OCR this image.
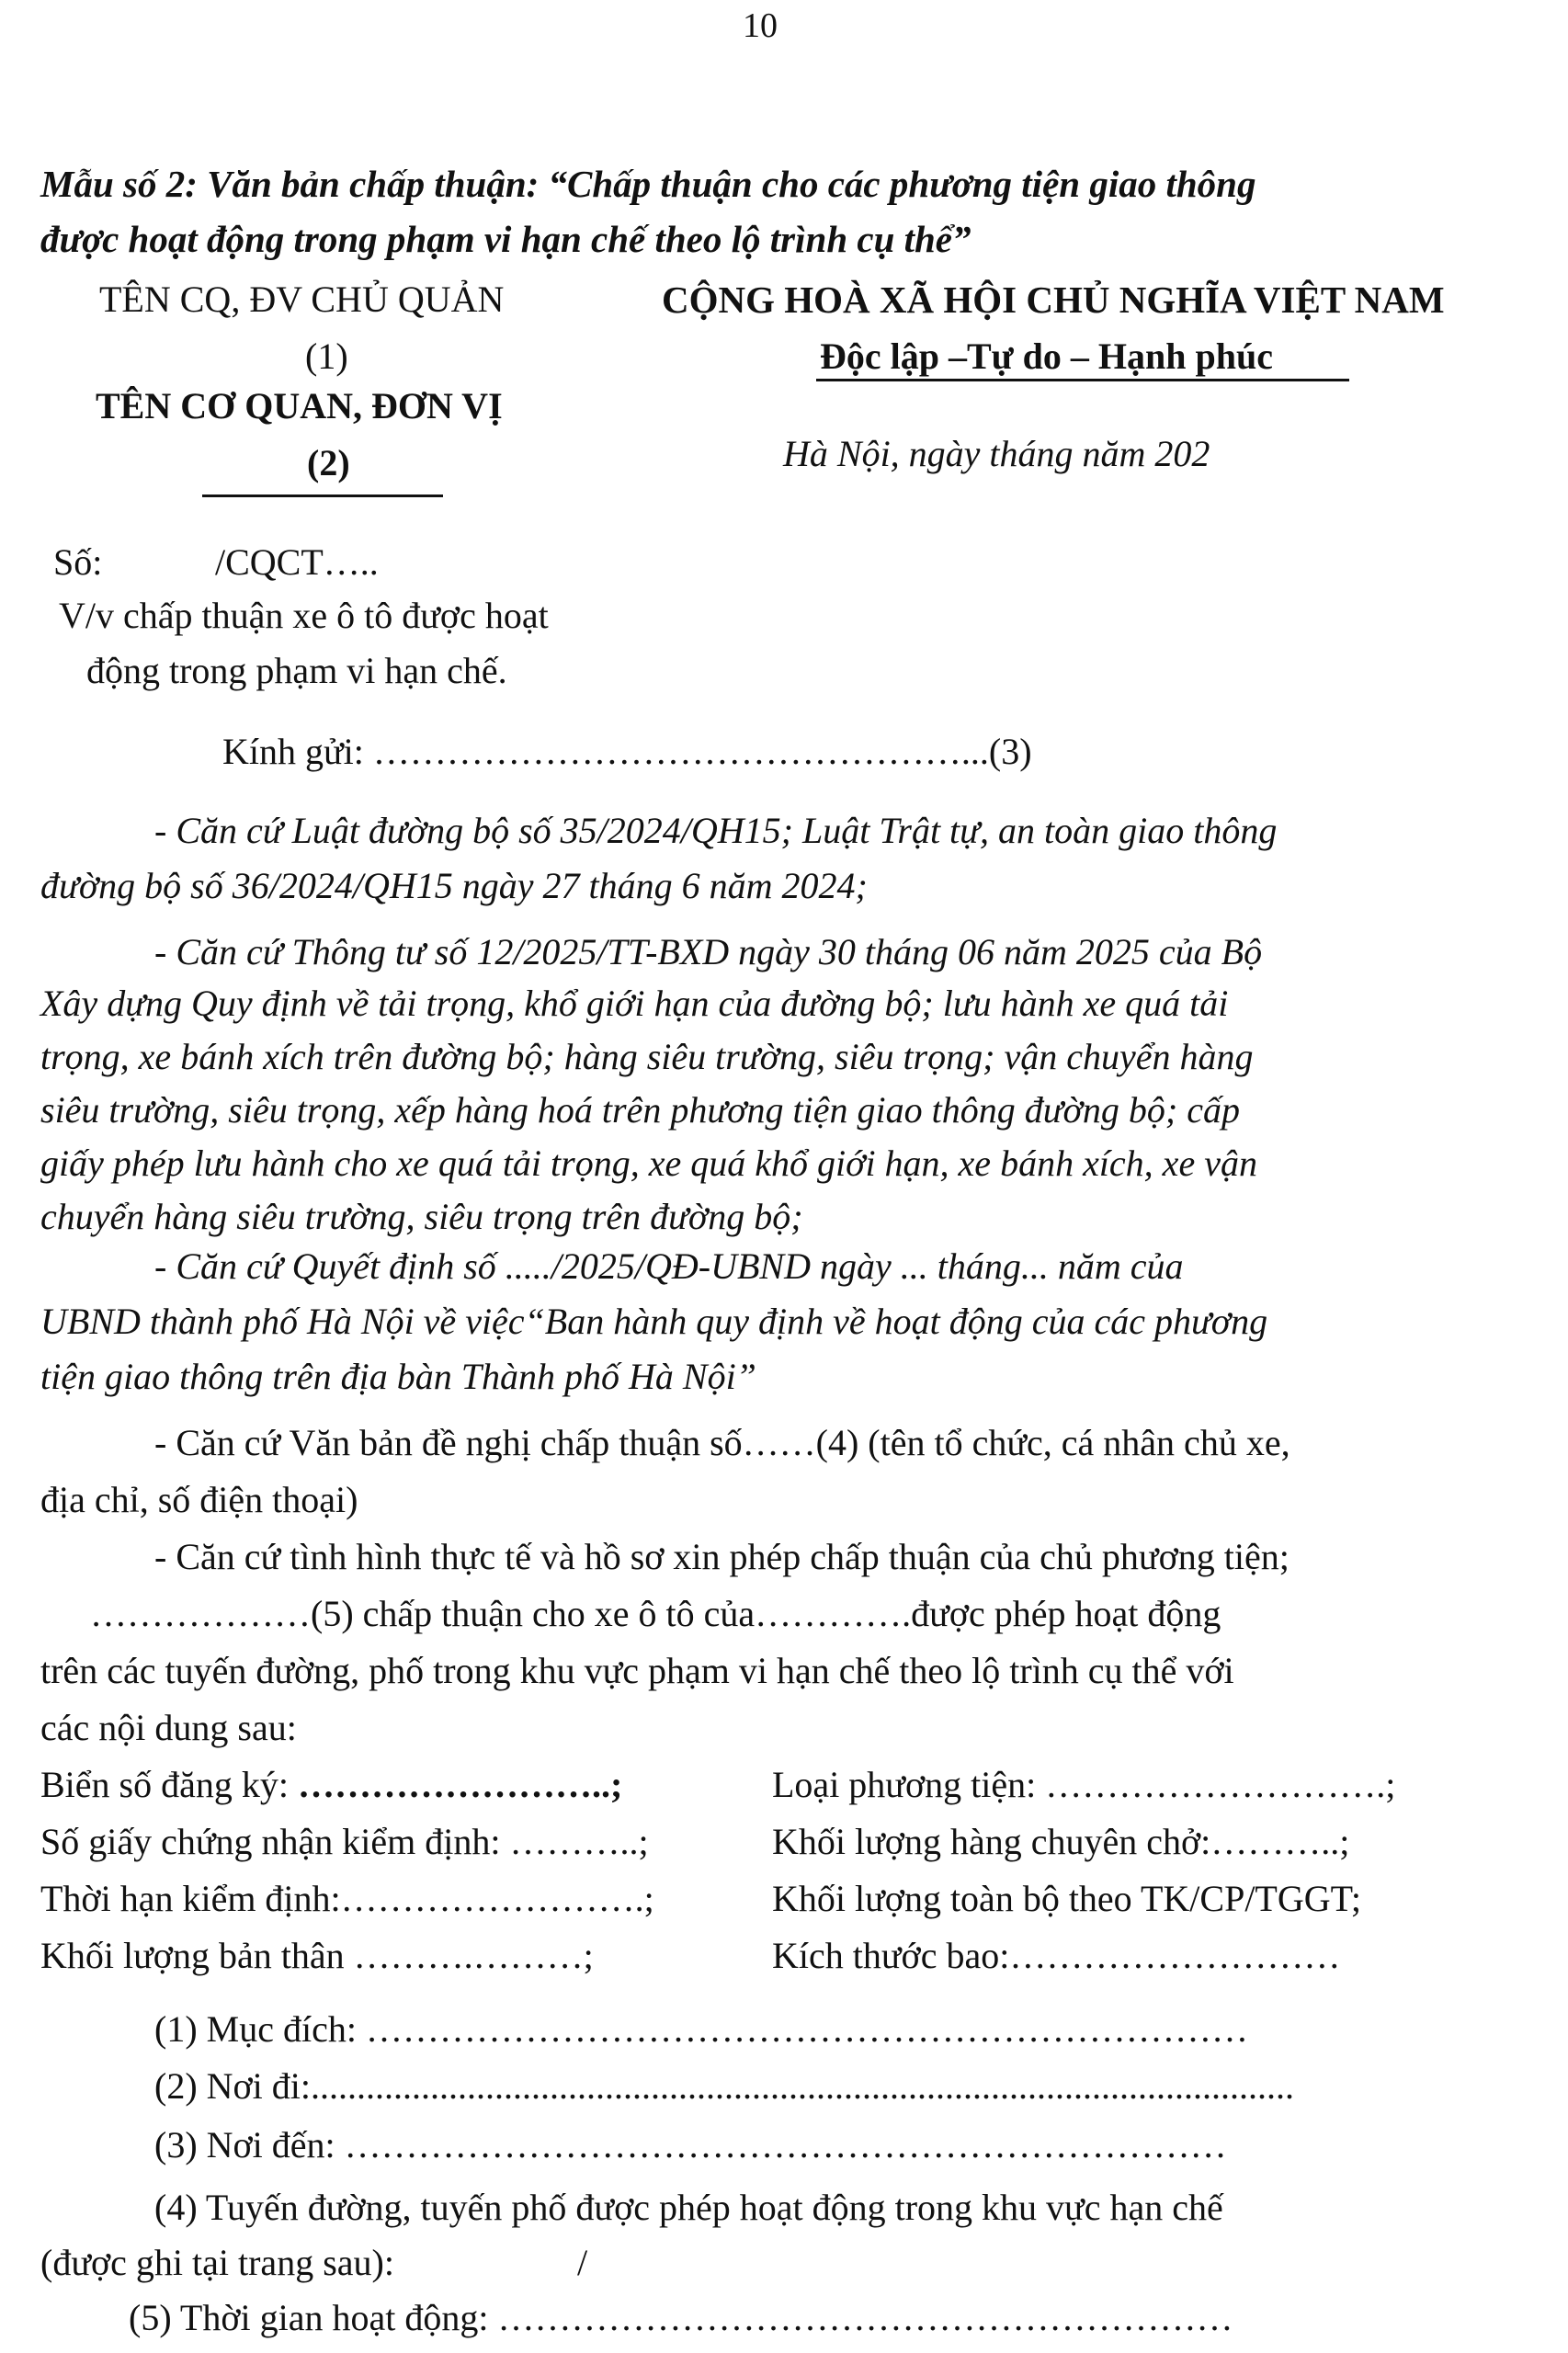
10
Mẫu số 2: Văn bản chấp thuận: “Chấp thuận cho các phương tiện giao thông
được hoạt động trong phạm vi hạn chế theo lộ trình cụ thể”
TÊN CQ, ĐV CHỦ QUẢN
(1)
TÊN CƠ QUAN, ĐƠN VỊ
(2)
CỘNG HOÀ XÃ HỘI CHỦ NGHĨA VIỆT NAM
Độc lập –Tự do – Hạnh phúc
Hà Nội, ngày tháng năm 202
Số:	/CQCT…..
V/v chấp thuận xe ô tô được hoạt
động trong phạm vi hạn chế.
Kính gửi: …………………………………………...(3)
- Căn cứ Luật đường bộ số 35/2024/QH15; Luật Trật tự, an toàn giao thông
đường bộ số 36/2024/QH15 ngày 27 tháng 6 năm 2024;
- Căn cứ Thông tư số 12/2025/TT-BXD ngày 30 tháng 06 năm 2025 của Bộ
Xây dựng Quy định về tải trọng, khổ giới hạn của đường bộ; lưu hành xe quá tải
trọng, xe bánh xích trên đường bộ; hàng siêu trường, siêu trọng; vận chuyển hàng
siêu trường, siêu trọng, xếp hàng hoá trên phương tiện giao thông đường bộ; cấp
giấy phép lưu hành cho xe quá tải trọng, xe quá khổ giới hạn, xe bánh xích, xe vận
chuyển hàng siêu trường, siêu trọng trên đường bộ;
- Căn cứ Quyết định số ...../2025/QĐ-UBND ngày ... tháng... năm của
UBND thành phố Hà Nội về việc“Ban hành quy định về hoạt động của các phương
tiện giao thông trên địa bàn Thành phố Hà Nội”
- Căn cứ Văn bản đề nghị chấp thuận số……(4) (tên tổ chức, cá nhân chủ xe,
địa chỉ, số điện thoại)
- Căn cứ tình hình thực tế và hồ sơ xin phép chấp thuận của chủ phương tiện;
………………(5) chấp thuận cho xe ô tô của………….được phép hoạt động
trên các tuyến đường, phố trong khu vực phạm vi hạn chế theo lộ trình cụ thể với
các nội dung sau:
Biển số đăng ký: ……………………..;	Loại phương tiện: ……………………….;
Số giấy chứng nhận kiểm định: ………..;	Khối lượng hàng chuyên chở:………..;
Thời hạn kiểm định:…………………….;	Khối lượng toàn bộ theo TK/CP/TGGT;
Khối lượng bản thân ……….………;	Kích thước bao:………………………
(1) Mục đích: ………………………………………………………………
(2) Nơi đi:...........................................................................................................
(3) Nơi đến: ………………………………………………………………
(4) Tuyến đường, tuyến phố được phép hoạt động trong khu vực hạn chế
(được ghi tại trang sau):	/
(5) Thời gian hoạt động: ……………………………………………………
